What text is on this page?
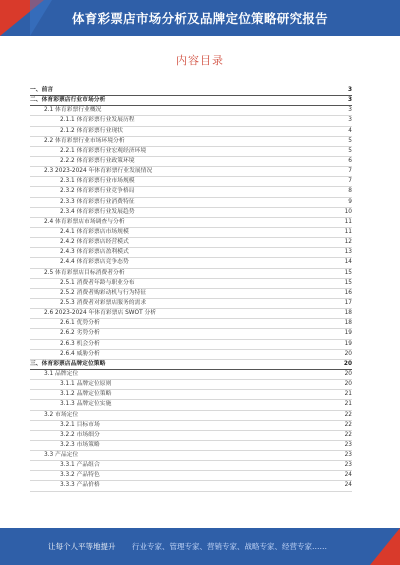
体育彩票店市场分析及品牌定位策略研究报告
内容目录
一、前言	3
二、体育彩票店行业市场分析	3
2.1 体育彩票行业概况	3
2.1.1 体育彩票行业发展历程	3
2.1.2 体育彩票行业现状	4
2.2 体育彩票行业市场环境分析	5
2.2.1 体育彩票行业宏观经济环境	5
2.2.2 体育彩票行业政策环境	6
2.3 2023-2024 年体育彩票行业发展情况	7
2.3.1 体育彩票行业市场规模	7
2.3.2 体育彩票行业竞争格局	8
2.3.3 体育彩票行业消费特征	9
2.3.4 体育彩票行业发展趋势	10
2.4 体育彩票店市场调查与分析	11
2.4.1 体育彩票店市场规模	11
2.4.2 体育彩票店经营模式	12
2.4.3 体育彩票店盈利模式	13
2.4.4 体育彩票店竞争态势	14
2.5 体育彩票店目标消费者分析	15
2.5.1 消费者年龄与职业分布	15
2.5.2 消费者购彩动机与行为特征	16
2.5.3 消费者对彩票店服务的需求	17
2.6 2023-2024 年体育彩票店 SWOT 分析	18
2.6.1 优势分析	18
2.6.2 劣势分析	19
2.6.3 机会分析	19
2.6.4 威胁分析	20
三、体育彩票店品牌定位策略	20
3.1 品牌定位	20
3.1.1 品牌定位原则	20
3.1.2 品牌定位策略	21
3.1.3 品牌定位实施	21
3.2 市场定位	22
3.2.1 目标市场	22
3.2.2 市场细分	22
3.2.3 市场策略	23
3.3 产品定位	23
3.3.1 产品组合	23
3.3.2 产品特色	24
3.3.3 产品价格	24
让每个人平等地提升 行业专家、管理专家、营销专家、战略专家、经营专家……
